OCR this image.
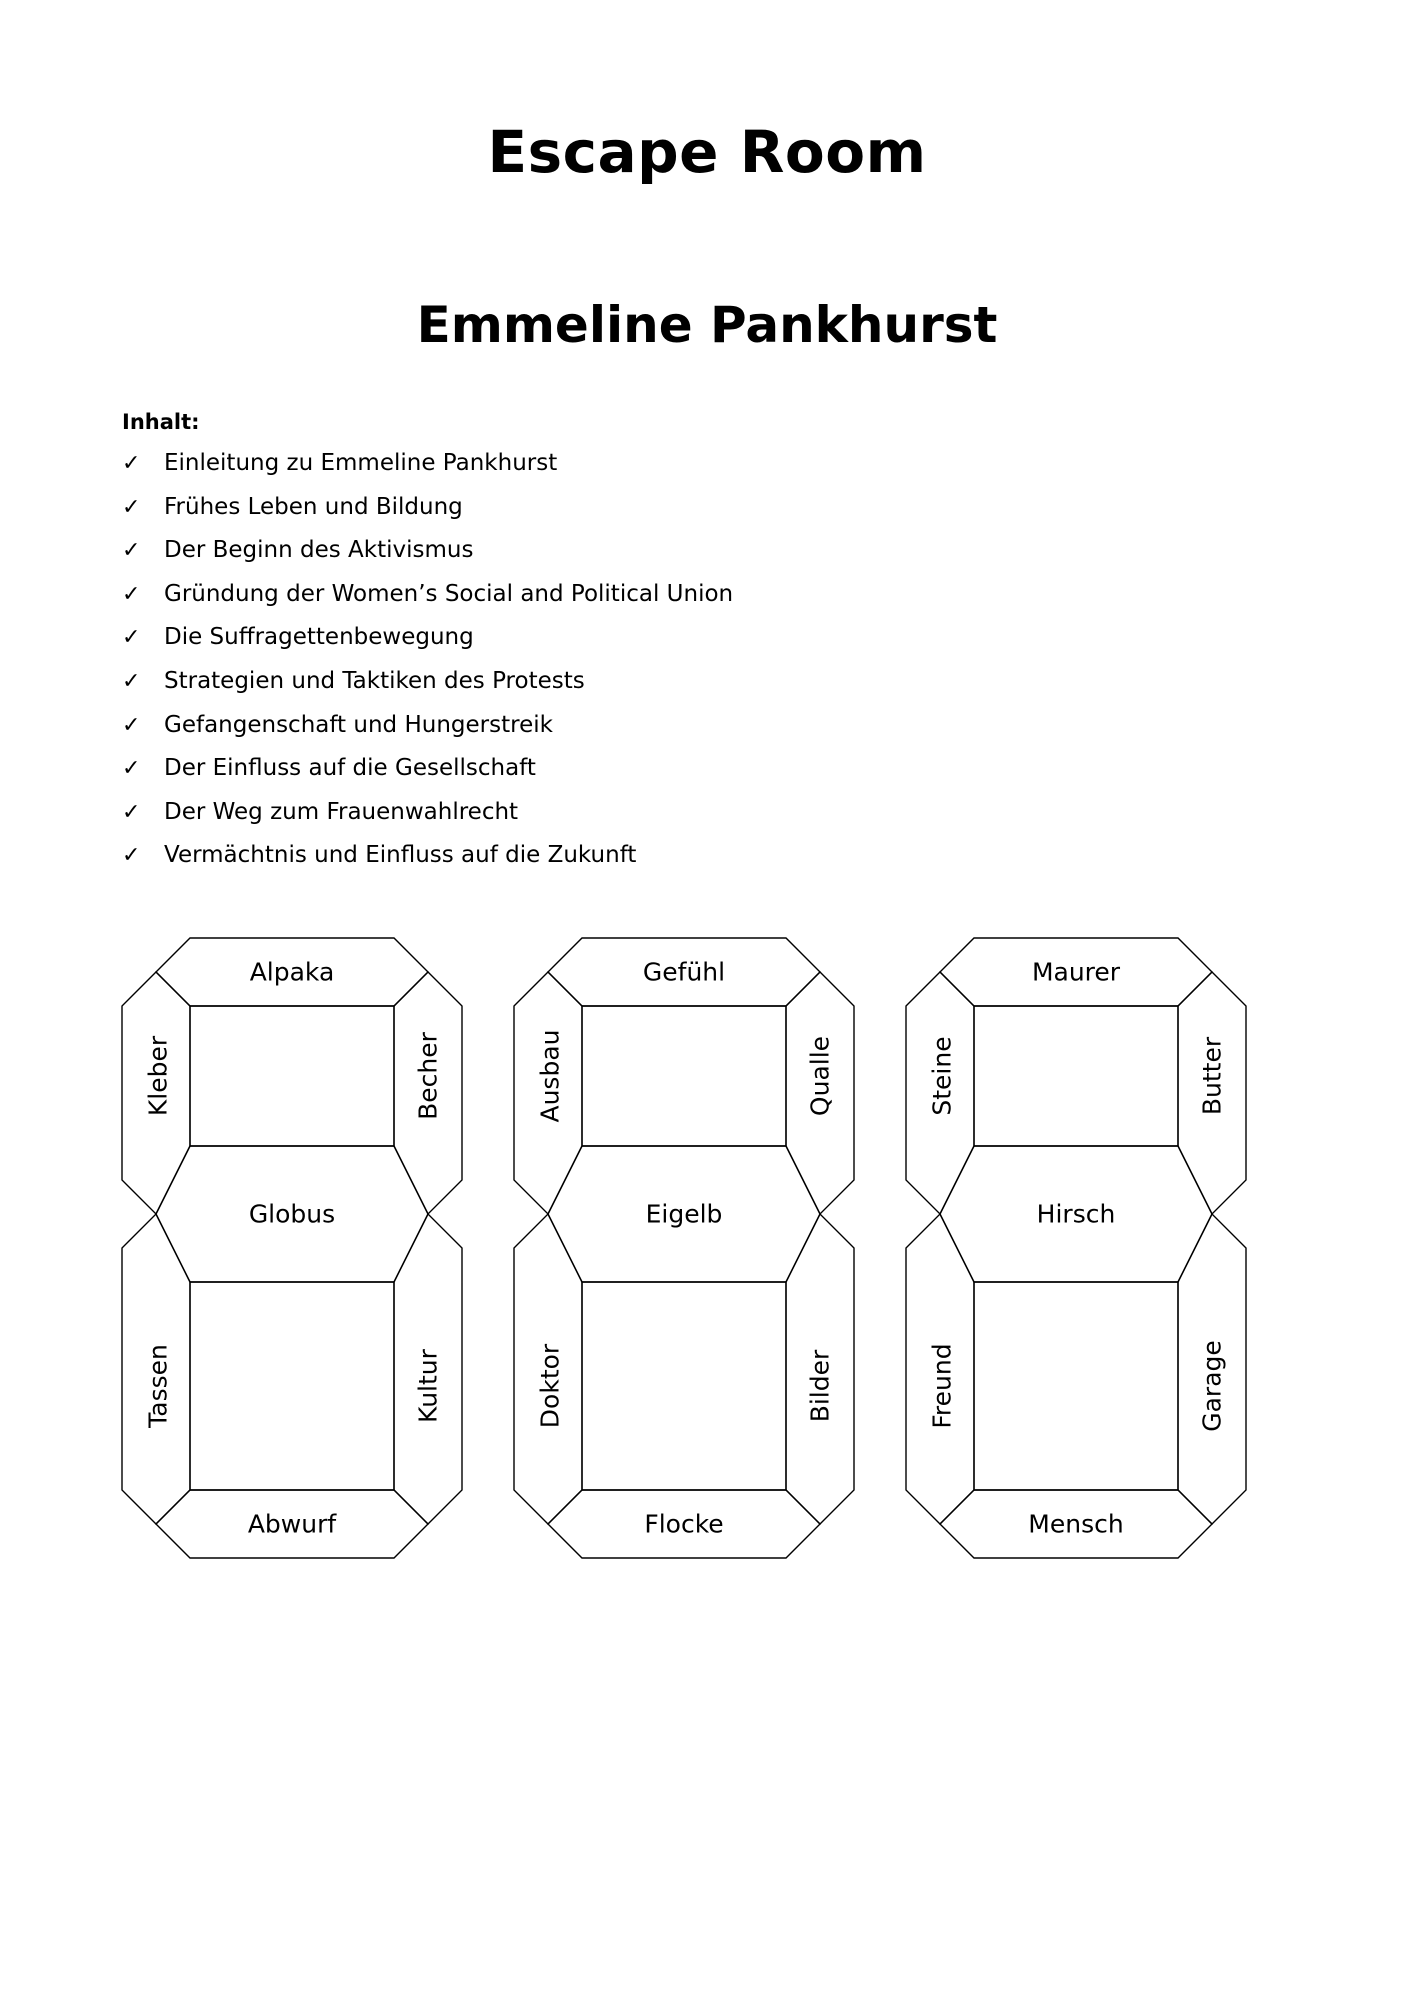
Escape Room
Emmeline Pankhurst
Inhalt:
✓ Einleitung zu Emmeline Pankhurst
✓ Frühes Leben und Bildung
✓ Der Beginn des Aktivismus
✓ Gründung der Women’s Social and Political Union
✓ Die Suffragettenbewegung
✓ Strategien und Taktiken des Protests
✓ Gefangenschaft und Hungerstreik
✓ Der Einfluss auf die Gesellschaft
✓ Der Weg zum Frauenwahlrecht
✓ Vermächtnis und Einfluss auf die Zukunft
Alpaka
Kleber	Becher
Globus
Tassen	Kultur
Abwurf
Gefühl
Ausbau	Qualle
Eigelb
Doktor	Bilder
Flocke
Maurer
Steine	Butter
Hirsch
Freund	Garage
Mensch
